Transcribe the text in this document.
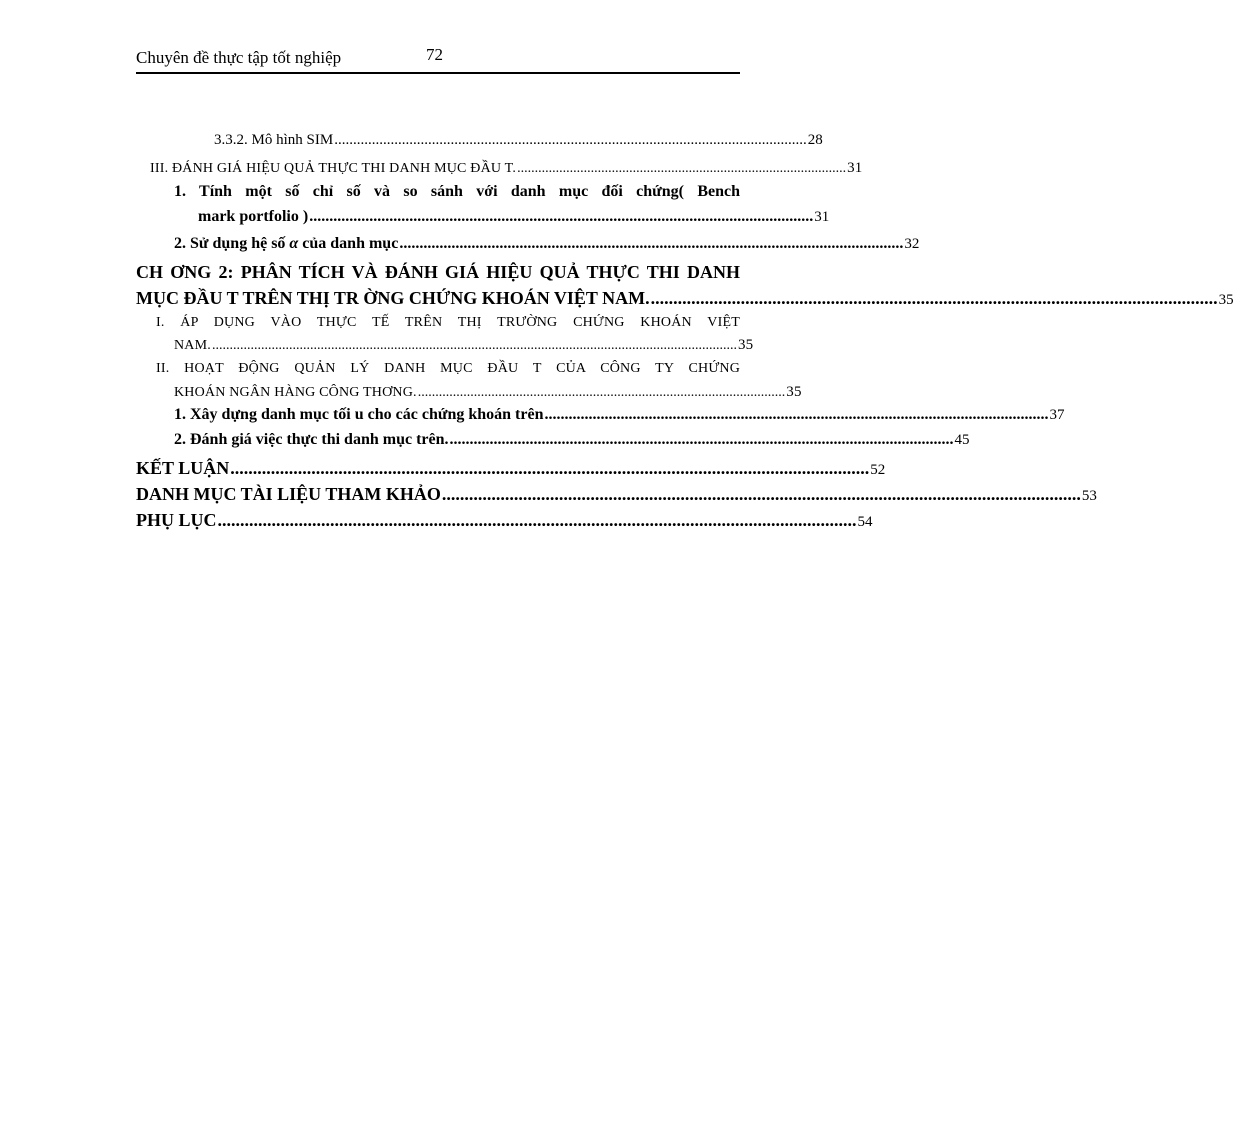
Chuyên đề thực tập tốt nghiệp	72
3.3.2. Mô hình SIM .............................................................................................................................. 28
III. ĐÁNH GIÁ HIỆU QUẢ THỰC THI DANH MỤC ĐẦU T. .............................................................................................. 31
1. Tính một số chỉ số và so sánh với danh mục đối chứng( Bench
mark portfolio ) .............................................................................................................................. 31
2. Sử dụng hệ số α của danh mục .............................................................................................................................. 32
CH ƠNG 2: PHÂN TÍCH VÀ ĐÁNH GIÁ HIỆU QUẢ THỰC THI DANH
MỤC ĐẦU T TRÊN THỊ TR ỜNG CHỨNG KHOÁN VIỆT NAM. .............................................................................................................................. 35
I. ÁP DỤNG VÀO THỰC TẾ TRÊN THỊ TRƯỜNG CHỨNG KHOÁN VIỆT
NAM. ...................................................................................................................................................... 35
II. HOẠT ĐỘNG QUẢN LÝ DANH MỤC ĐẦU T CỦA CÔNG TY CHỨNG
KHOÁN NGÂN HÀNG CÔNG THƠNG. ......................................................................................................... 35
1. Xây dựng danh mục tối u cho các chứng khoán trên .............................................................................................................................. 37
2. Đánh giá việc thực thi danh mục trên. .............................................................................................................................. 45
KẾT LUẬN .............................................................................................................................................. 52
DANH MỤC TÀI LIỆU THAM KHẢO .............................................................................................................................................. 53
PHỤ LỤC .............................................................................................................................................. 54
